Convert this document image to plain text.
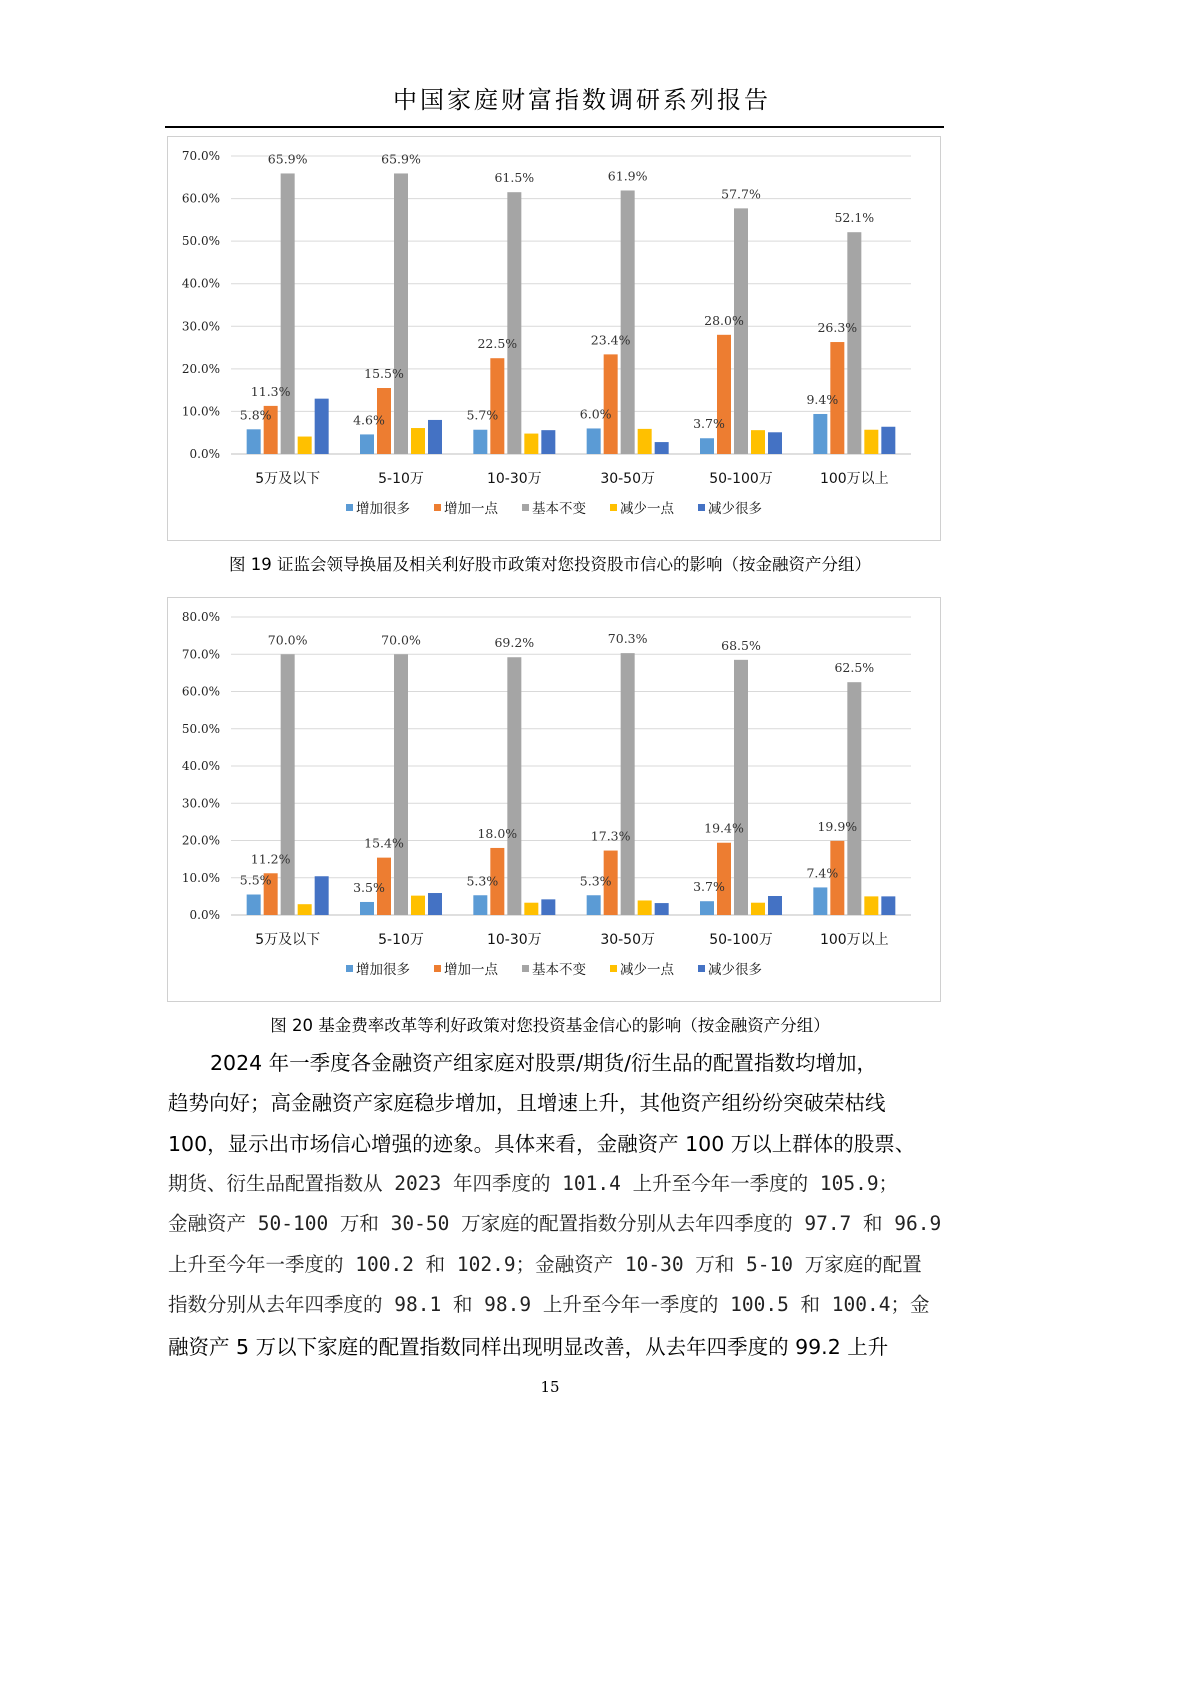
中国家庭财富指数调研系列报告
70.0%
60.0%
50.0%
40.0%
30.0%
20.0%
10.0%
0.0%
5万及以下	5-10万	10-30万	30-50万	50-100万	100万以上
5.8%	4.6%	5.7%	6.0%
3.7%
9.4%
11.3%
15.5%
22.5%	23.4%
28.0%	26.3%
65.9%	65.9%
61.5%	61.9%
57.7%
52.1%
增加很多	增加一点	基本不变	减少一点	减少很多
图 19 证监会领导换届及相关利好股市政策对您投资股市信心的影响（按金融资产分组）
80.0%
70.0%
60.0%
50.0%
40.0%
30.0%
20.0%
10.0%
0.0%
5万及以下	5-10万	10-30万	30-50万	50-100万	100万以上
5.5%	3.5%	5.3%	5.3%	3.7%
7.4%
11.2%
15.4%
18.0%	17.3%
19.4%	19.9%
70.0%	70.0%	69.2%	70.3%	68.5%
62.5%
增加很多	增加一点	基本不变	减少一点	减少很多
图 20 基金费率改革等利好政策对您投资基金信心的影响（按金融资产分组）
2024 年一季度各金融资产组家庭对股票/期货/衍生品的配置指数均增加，
趋势向好；高金融资产家庭稳步增加，且增速上升，其他资产组纷纷突破荣枯线
100，显示出市场信心增强的迹象。具体来看，金融资产 100 万以上群体的股票、
期货、衍生品配置指数从 2023 年四季度的 101.4 上升至今年一季度的 105.9；
金融资产 50-100 万和 30-50 万家庭的配置指数分别从去年四季度的 97.7 和 96.9
上升至今年一季度的 100.2 和 102.9；金融资产 10-30 万和 5-10 万家庭的配置
指数分别从去年四季度的 98.1 和 98.9 上升至今年一季度的 100.5 和 100.4；金
融资产 5 万以下家庭的配置指数同样出现明显改善，从去年四季度的 99.2 上升
15
